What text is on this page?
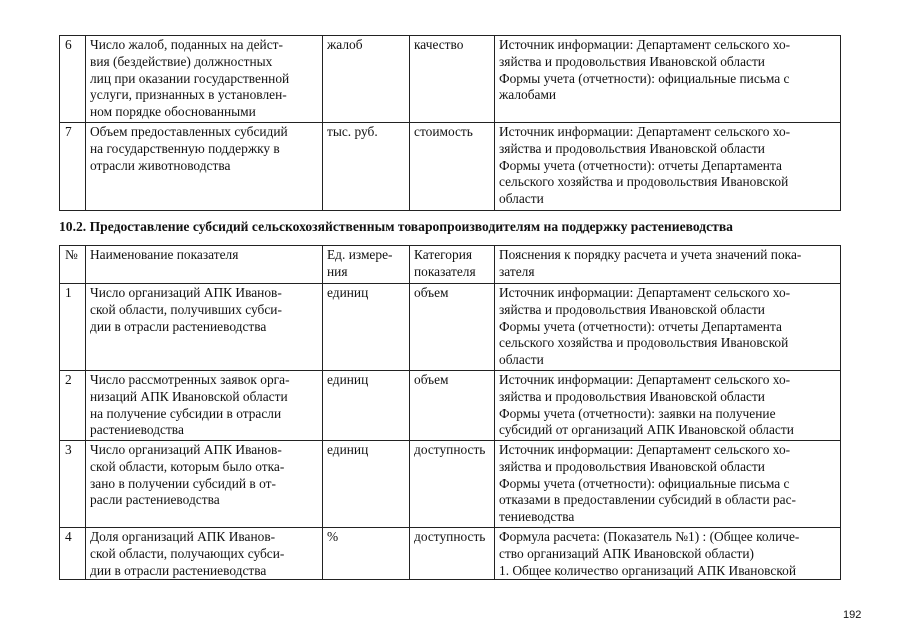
6	Число жалоб, поданных на дейст-
вия (бездействие) должностных
лиц при оказании государственной
услуги, признанных в установлен-
ном порядке обоснованными	жалоб	качество	Источник информации: Департамент сельского хо-
зяйства и продовольствия Ивановской области
Формы учета (отчетности): официальные письма с
жалобами

7	Объем предоставленных субсидий
на государственную поддержку в
отрасли животноводства	тыс. руб.	стоимость	Источник информации: Департамент сельского хо-
зяйства и продовольствия Ивановской области
Формы учета (отчетности): отчеты Департамента
сельского хозяйства и продовольствия Ивановской
области
10.2. Предоставление субсидий сельскохозяйственным товаропроизводителям на поддержку растениеводства
№	Наименование показателя	Ед. измере-
ния	Категория
показателя	Пояснения к порядку расчета и учета значений пока-
зателя

1	Число организаций АПК Иванов-
ской области, получивших субси-
дии в отрасли растениеводства	единиц	объем	Источник информации: Департамент сельского хо-
зяйства и продовольствия Ивановской области
Формы учета (отчетности): отчеты Департамента
сельского хозяйства и продовольствия Ивановской
области

2	Число рассмотренных заявок орга-
низаций АПК Ивановской области
на получение субсидии в отрасли
растениеводства	единиц	объем	Источник информации: Департамент сельского хо-
зяйства и продовольствия Ивановской области
Формы учета (отчетности): заявки на получение
субсидий от организаций АПК Ивановской области

3	Число организаций АПК Иванов-
ской области, которым было отка-
зано в получении субсидий в от-
расли растениеводства	единиц	доступность	Источник информации: Департамент сельского хо-
зяйства и продовольствия Ивановской области
Формы учета (отчетности): официальные письма с
отказами в предоставлении субсидий в области рас-
тениеводства

4	Доля организаций АПК Иванов-
ской области, получающих субси-
дии в отрасли растениеводства	%	доступность	Формула расчета: (Показатель №1) : (Общее количе-
ство организаций АПК Ивановской области)
1. Общее количество организаций АПК Ивановской
192
